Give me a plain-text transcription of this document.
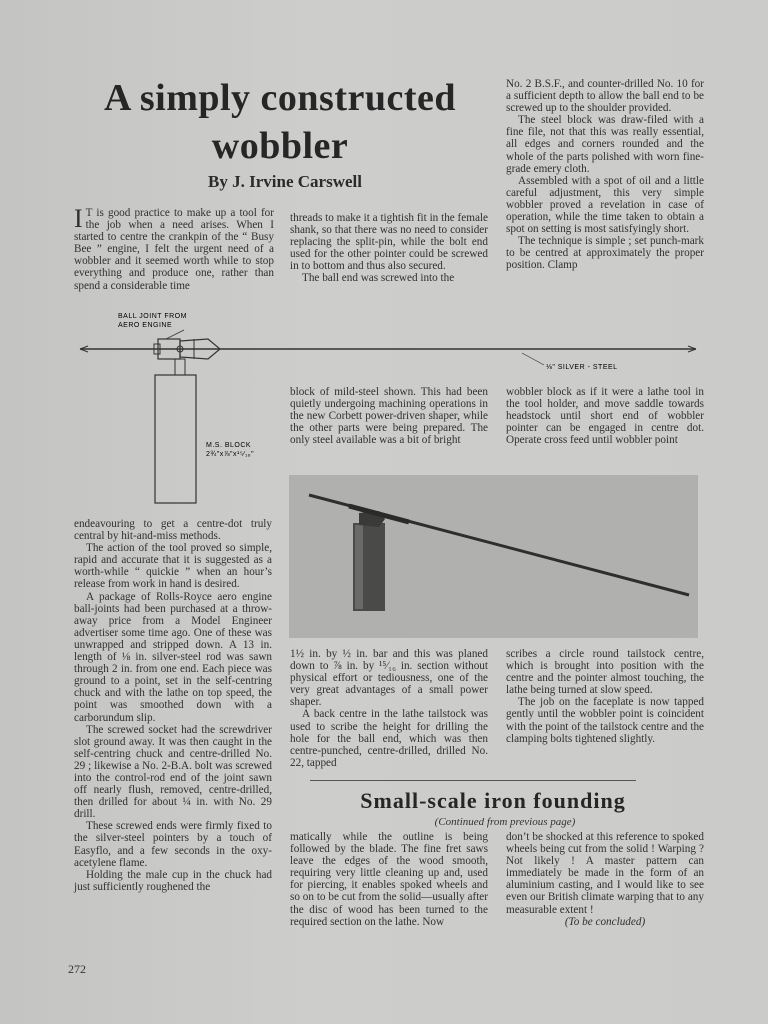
A simply constructed
wobbler
By J. Irvine Carswell

I T is good practice to make up a tool for the job when a need arises. When I started to centre the crankpin of the “ Busy Bee ” engine, I felt the urgent need of a wobbler and it seemed worth while to stop everything and produce one, rather than spend a considerable time

threads to make it a tightish fit in the female shank, so that there was no need to consider replacing the split-pin, while the bolt end used for the other pointer could be screwed in to bottom and thus also secured.

The ball end was screwed into the

No. 2 B.S.F., and counter-drilled No. 10 for a sufficient depth to allow the ball end to be screwed up to the shoulder provided.

The steel block was draw-filed with a fine file, not that this was really essential, all edges and corners rounded and the whole of the parts polished with worn fine-grade emery cloth.

Assembled with a spot of oil and a little careful adjustment, this very simple wobbler proved a revelation in case of operation, while the time taken to obtain a spot on setting is most satisfyingly short.

The technique is simple ; set punch-mark to be centred at approximately the proper position. Clamp

BALL JOINT FROM
AERO ENGINE
⅛" SILVER - STEEL
M.S. BLOCK
2¾"x⅞"x¹⁵⁄₁₆"

block of mild-steel shown. This had been quietly undergoing machining operations in the new Corbett power-driven shaper, while the other parts were being prepared. The only steel available was a bit of bright

wobbler block as if it were a lathe tool in the tool holder, and move saddle towards headstock until short end of wobbler pointer can be engaged in centre dot. Operate cross feed until wobbler point

endeavouring to get a centre-dot truly central by hit-and-miss methods.

The action of the tool proved so simple, rapid and accurate that it is suggested as a worth-while “ quickie ” when an hour’s release from work in hand is desired.

A package of Rolls-Royce aero engine ball-joints had been purchased at a throw-away price from a Model Engineer advertiser some time ago. One of these was unwrapped and stripped down. A 13 in. length of ⅛ in. silver-steel rod was sawn through 2 in. from one end. Each piece was ground to a point, set in the self-centring chuck and with the lathe on top speed, the point was smoothed down with a carborundum slip.

The screwed socket had the screwdriver slot ground away. It was then caught in the self-centring chuck and centre-drilled No. 29 ; likewise a No. 2-B.A. bolt was screwed into the control-rod end of the joint sawn off nearly flush, removed, centre-drilled, then drilled for about ¼ in. with No. 29 drill.

These screwed ends were firmly fixed to the silver-steel pointers by a touch of Easyflo, and a few seconds in the oxy-acetylene flame.

Holding the male cup in the chuck had just sufficiently roughened the

1½ in. by ½ in. bar and this was planed down to ⅞ in. by ¹⁵⁄₁₆ in. section without physical effort or tediousness, one of the very great advantages of a small power shaper.

A back centre in the lathe tailstock was used to scribe the height for drilling the hole for the ball end, which was then centre-punched, centre-drilled, drilled No. 22, tapped

scribes a circle round tailstock centre, which is brought into position with the centre and the pointer almost touching, the lathe being turned at slow speed.

The job on the faceplate is now tapped gently until the wobbler point is coincident with the point of the tailstock centre and the clamping bolts tightened slightly.

Small-scale iron founding
(Continued from previous page)

matically while the outline is being followed by the blade. The fine fret saws leave the edges of the wood smooth, requiring very little cleaning up and, used for piercing, it enables spoked wheels and so on to be cut from the solid—usually after the disc of wood has been turned to the required section on the lathe. Now

don’t be shocked at this reference to spoked wheels being cut from the solid ! Warping ? Not likely ! A master pattern can immediately be made in the form of an aluminium casting, and I would like to see even our British climate warping that to any measurable extent !

(To be concluded)

272
